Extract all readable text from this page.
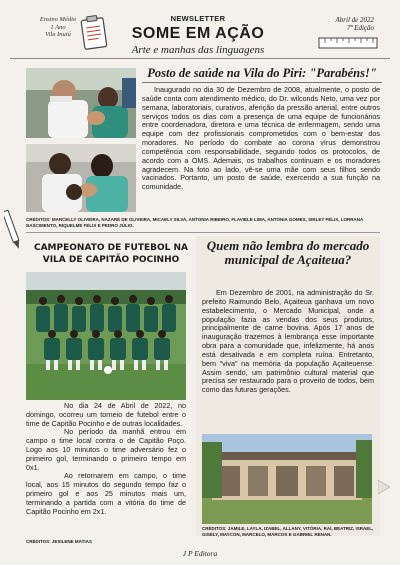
Ensino Médio
1 Ano
Vila Inuiú
NEWSLETTER
SOME EM AÇÃO
Arte e manhas das linguagens
Abril de 2022
7ª Edição
Posto de saúde na Vila do Piri: "Parabéns!"
Inaugurado no dia 30 de Dezembro de 2008, atualmente, o posto de saúde conta com atendimento médico, do Dr. wilconds Neto, uma vez por semana, laboratoriais, curativos, aferição da pressão arterial, entre outros serviços todos os dias com a presença de uma equipe de funcionários entre coordenadora, diretora e uma técnica de enfermagem, sendo uma equipe com dez profissionais comprometidos com o bem-estar dos moradores. No período do combate ao corona vírus demonstrou competência com responsabilidade, seguindo todos os protocolos, de acordo com a OMS. Ademais, os trabalhos continuam e os moradores agradecem. Na foto ao lado, vê-se uma mãe com seus filhos sendo vacinados. Portanto, um posto de saúde, exercendo a sua função na comunidade.
CRÉDITOS: MARCELLY OLIVEIRA, NAZARÉ DE OLIVEIRA, MICAELY SILVA, ANTONIA RIBEIRO, FLAVIELE LIMA, ANTONIA GOMES, SIRLEY FÉLIX, LORRANA NASCIMENTO, RIQUELME FÉLIX E PEDRO JÚLIO.
CAMPEONATO DE FUTEBOL NA VILA DE CAPITÃO POCINHO

No dia 24 de Abril de 2022, no domingo, ocorreu um torneio de futebol entre o time de Capitão Pocinho e de outras localidades.

No período da manhã entrou em campo o time local contra o de Capitão Poço. Logo aos 10 minutos o time adversário fez o primeiro gol, terminando o primeiro tempo em 0x1.

Ao retornarem em campo, o time local, aos 15 minutos do segundo tempo faz o primeiro gol e aos 25 minutos mais um, terminando a partida com a vitória do time de Capitão Pocinho em 2x1.

CRÉDITOS: JESILENE MATIAS
Quem não lembra do mercado municipal de Açaiteua?
Em Dezembro de 2001, na administração do Sr. prefeito Raimundo Belo, Açaiteua ganhava um novo estabelecimento, o Mercado Municipal, onde a população fazia as vendas dos seus produtos, principalmente de carne bovina. Após 17 anos de inauguração trazemos à lembrança esse importante obra para a comunidade que, infelizmente, há anos está desativada e em completa ruína. Entretanto, bem "viva" na memória da população Açaiteuense. Assim sendo, um patrimônio cultural material que precisa ser restaurado para o proveito de todos, bem como das futuras gerações.
CRÉDITOS: JAMILE, LAYLA, IZABEL, ALLANY, VITÓRIA, RAÍ, BEATRIZ, ISRAEL, GISELY, MAYCON, MARCELO, MARCOS E GABRIEL RENAN.
J P Editora
